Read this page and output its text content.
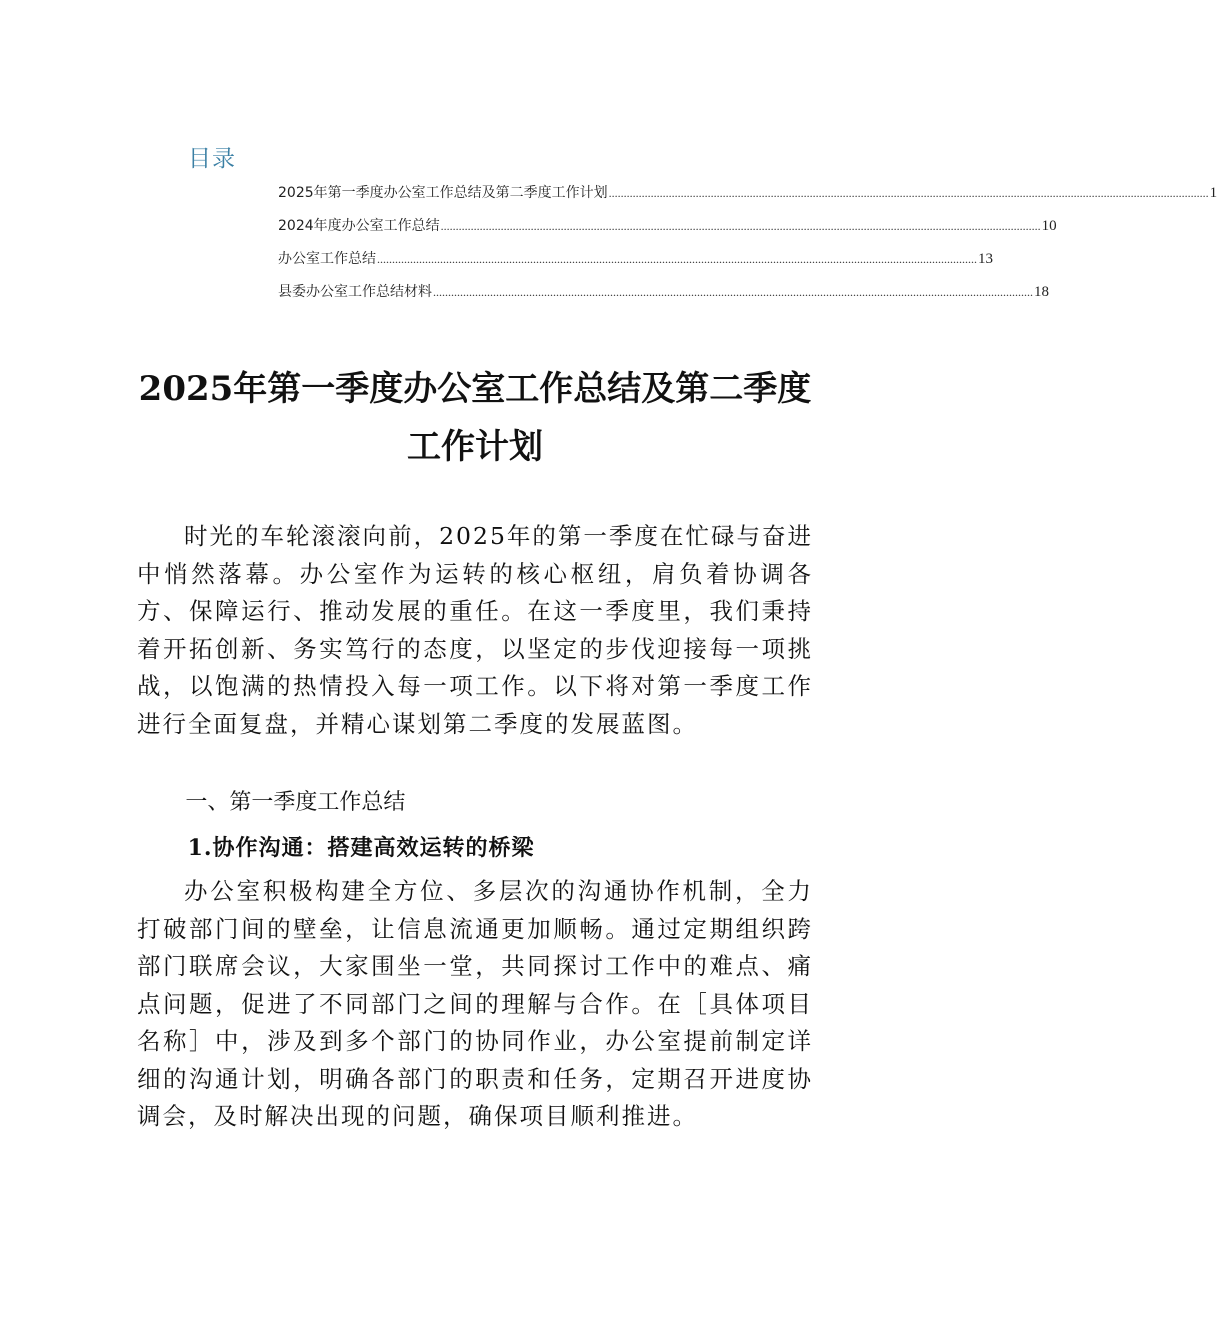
目录
2025年第一季度办公室工作总结及第二季度工作计划 ........................................................................................................................................................................................................ 1
2024年度办公室工作总结 ........................................................................................................................................................................................................ 10
办公室工作总结 ........................................................................................................................................................................................................ 13
县委办公室工作总结材料 ........................................................................................................................................................................................................ 18
2025年第一季度办公室工作总结及第二季度
工作计划

时光的车轮滚滚向前，2025年的第一季度在忙碌与奋进中悄然落幕。办公室作为运转的核心枢纽，肩负着协调各方、保障运行、推动发展的重任。在这一季度里，我们秉持着开拓创新、务实笃行的态度，以坚定的步伐迎接每一项挑战，以饱满的热情投入每一项工作。以下将对第一季度工作进行全面复盘，并精心谋划第二季度的发展蓝图。

一、第一季度工作总结

1.协作沟通：搭建高效运转的桥梁

办公室积极构建全方位、多层次的沟通协作机制，全力打破部门间的壁垒，让信息流通更加顺畅。通过定期组织跨部门联席会议，大家围坐一堂，共同探讨工作中的难点、痛点问题，促进了不同部门之间的理解与合作。在［具体项目名称］中，涉及到多个部门的协同作业，办公室提前制定详细的沟通计划，明确各部门的职责和任务，定期召开进度协调会，及时解决出现的问题，确保项目顺利推进。
